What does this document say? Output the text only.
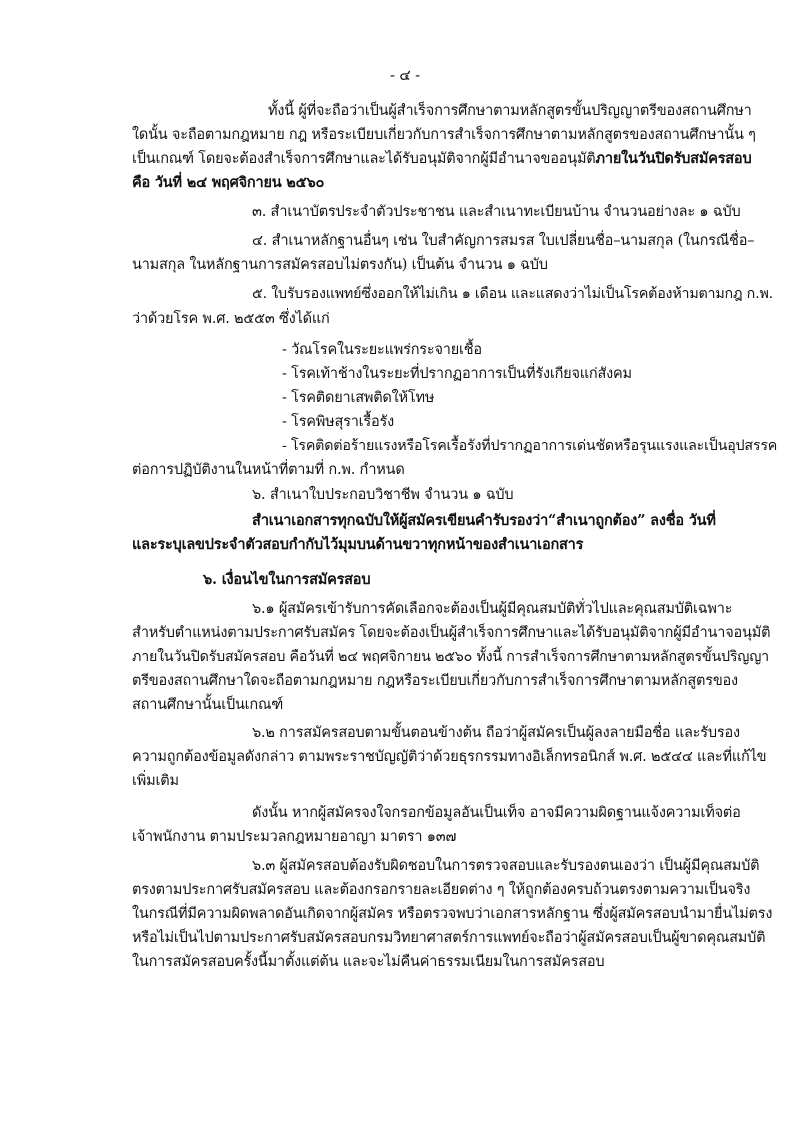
- ๔ -
ทั้งนี้ ผู้ที่จะถือว่าเป็นผู้สำเร็จการศึกษาตามหลักสูตรขั้นปริญญาตรีของสถานศึกษา
ใดนั้น จะถือตามกฎหมาย กฎ หรือระเบียบเกี่ยวกับการสำเร็จการศึกษาตามหลักสูตรของสถานศึกษานั้น ๆ
เป็นเกณฑ์ โดยจะต้องสำเร็จการศึกษาและได้รับอนุมัติจากผู้มีอำนาจขออนุมัติภายในวันปิดรับสมัครสอบ
คือ วันที่ ๒๔ พฤศจิกายน ๒๕๖๐
๓. สำเนาบัตรประจำตัวประชาชน และสำเนาทะเบียนบ้าน จำนวนอย่างละ ๑ ฉบับ
๔. สำเนาหลักฐานอื่นๆ เช่น ใบสำคัญการสมรส ใบเปลี่ยนชื่อ–นามสกุล (ในกรณีชื่อ–
นามสกุล ในหลักฐานการสมัครสอบไม่ตรงกัน) เป็นต้น จำนวน ๑ ฉบับ
๕. ใบรับรองแพทย์ซึ่งออกให้ไม่เกิน ๑ เดือน และแสดงว่าไม่เป็นโรคต้องห้ามตามกฎ ก.พ.
ว่าด้วยโรค พ.ศ. ๒๕๕๓ ซึ่งได้แก่
- วัณโรคในระยะแพร่กระจายเชื้อ
- โรคเท้าช้างในระยะที่ปรากฏอาการเป็นที่รังเกียจแก่สังคม
- โรคติดยาเสพติดให้โทษ
- โรคพิษสุราเรื้อรัง
- โรคติดต่อร้ายแรงหรือโรคเรื้อรังที่ปรากฏอาการเด่นชัดหรือรุนแรงและเป็นอุปสรรค
ต่อการปฏิบัติงานในหน้าที่ตามที่ ก.พ. กำหนด
๖. สำเนาใบประกอบวิชาชีพ จำนวน ๑ ฉบับ
สำเนาเอกสารทุกฉบับให้ผู้สมัครเขียนคำรับรองว่า“สำเนาถูกต้อง” ลงชื่อ วันที่
และระบุเลขประจำตัวสอบกำกับไว้มุมบนด้านขวาทุกหน้าของสำเนาเอกสาร
๖. เงื่อนไขในการสมัครสอบ
๖.๑ ผู้สมัครเข้ารับการคัดเลือกจะต้องเป็นผู้มีคุณสมบัติทั่วไปและคุณสมบัติเฉพาะ
สำหรับตำแหน่งตามประกาศรับสมัคร โดยจะต้องเป็นผู้สำเร็จการศึกษาและได้รับอนุมัติจากผู้มีอำนาจอนุมัติ
ภายในวันปิดรับสมัครสอบ คือวันที่ ๒๔ พฤศจิกายน ๒๕๖๐ ทั้งนี้ การสำเร็จการศึกษาตามหลักสูตรขั้นปริญญา
ตรีของสถานศึกษาใดจะถือตามกฎหมาย กฎหรือระเบียบเกี่ยวกับการสำเร็จการศึกษาตามหลักสูตรของ
สถานศึกษานั้นเป็นเกณฑ์
๖.๒ การสมัครสอบตามขั้นตอนข้างต้น ถือว่าผู้สมัครเป็นผู้ลงลายมือชื่อ และรับรอง
ความถูกต้องข้อมูลดังกล่าว ตามพระราชบัญญัติว่าด้วยธุรกรรมทางอิเล็กทรอนิกส์ พ.ศ. ๒๕๔๔ และที่แก้ไข
เพิ่มเติม
ดังนั้น หากผู้สมัครจงใจกรอกข้อมูลอันเป็นเท็จ อาจมีความผิดฐานแจ้งความเท็จต่อ
เจ้าพนักงาน ตามประมวลกฎหมายอาญา มาตรา ๑๓๗
๖.๓ ผู้สมัครสอบต้องรับผิดชอบในการตรวจสอบและรับรองตนเองว่า เป็นผู้มีคุณสมบัติ
ตรงตามประกาศรับสมัครสอบ และต้องกรอกรายละเอียดต่าง ๆ ให้ถูกต้องครบถ้วนตรงตามความเป็นจริง
ในกรณีที่มีความผิดพลาดอันเกิดจากผู้สมัคร หรือตรวจพบว่าเอกสารหลักฐาน ซึ่งผู้สมัครสอบนำมายื่นไม่ตรง
หรือไม่เป็นไปตามประกาศรับสมัครสอบกรมวิทยาศาสตร์การแพทย์จะถือว่าผู้สมัครสอบเป็นผู้ขาดคุณสมบัติ
ในการสมัครสอบครั้งนี้มาตั้งแต่ต้น และจะไม่คืนค่าธรรมเนียมในการสมัครสอบ
